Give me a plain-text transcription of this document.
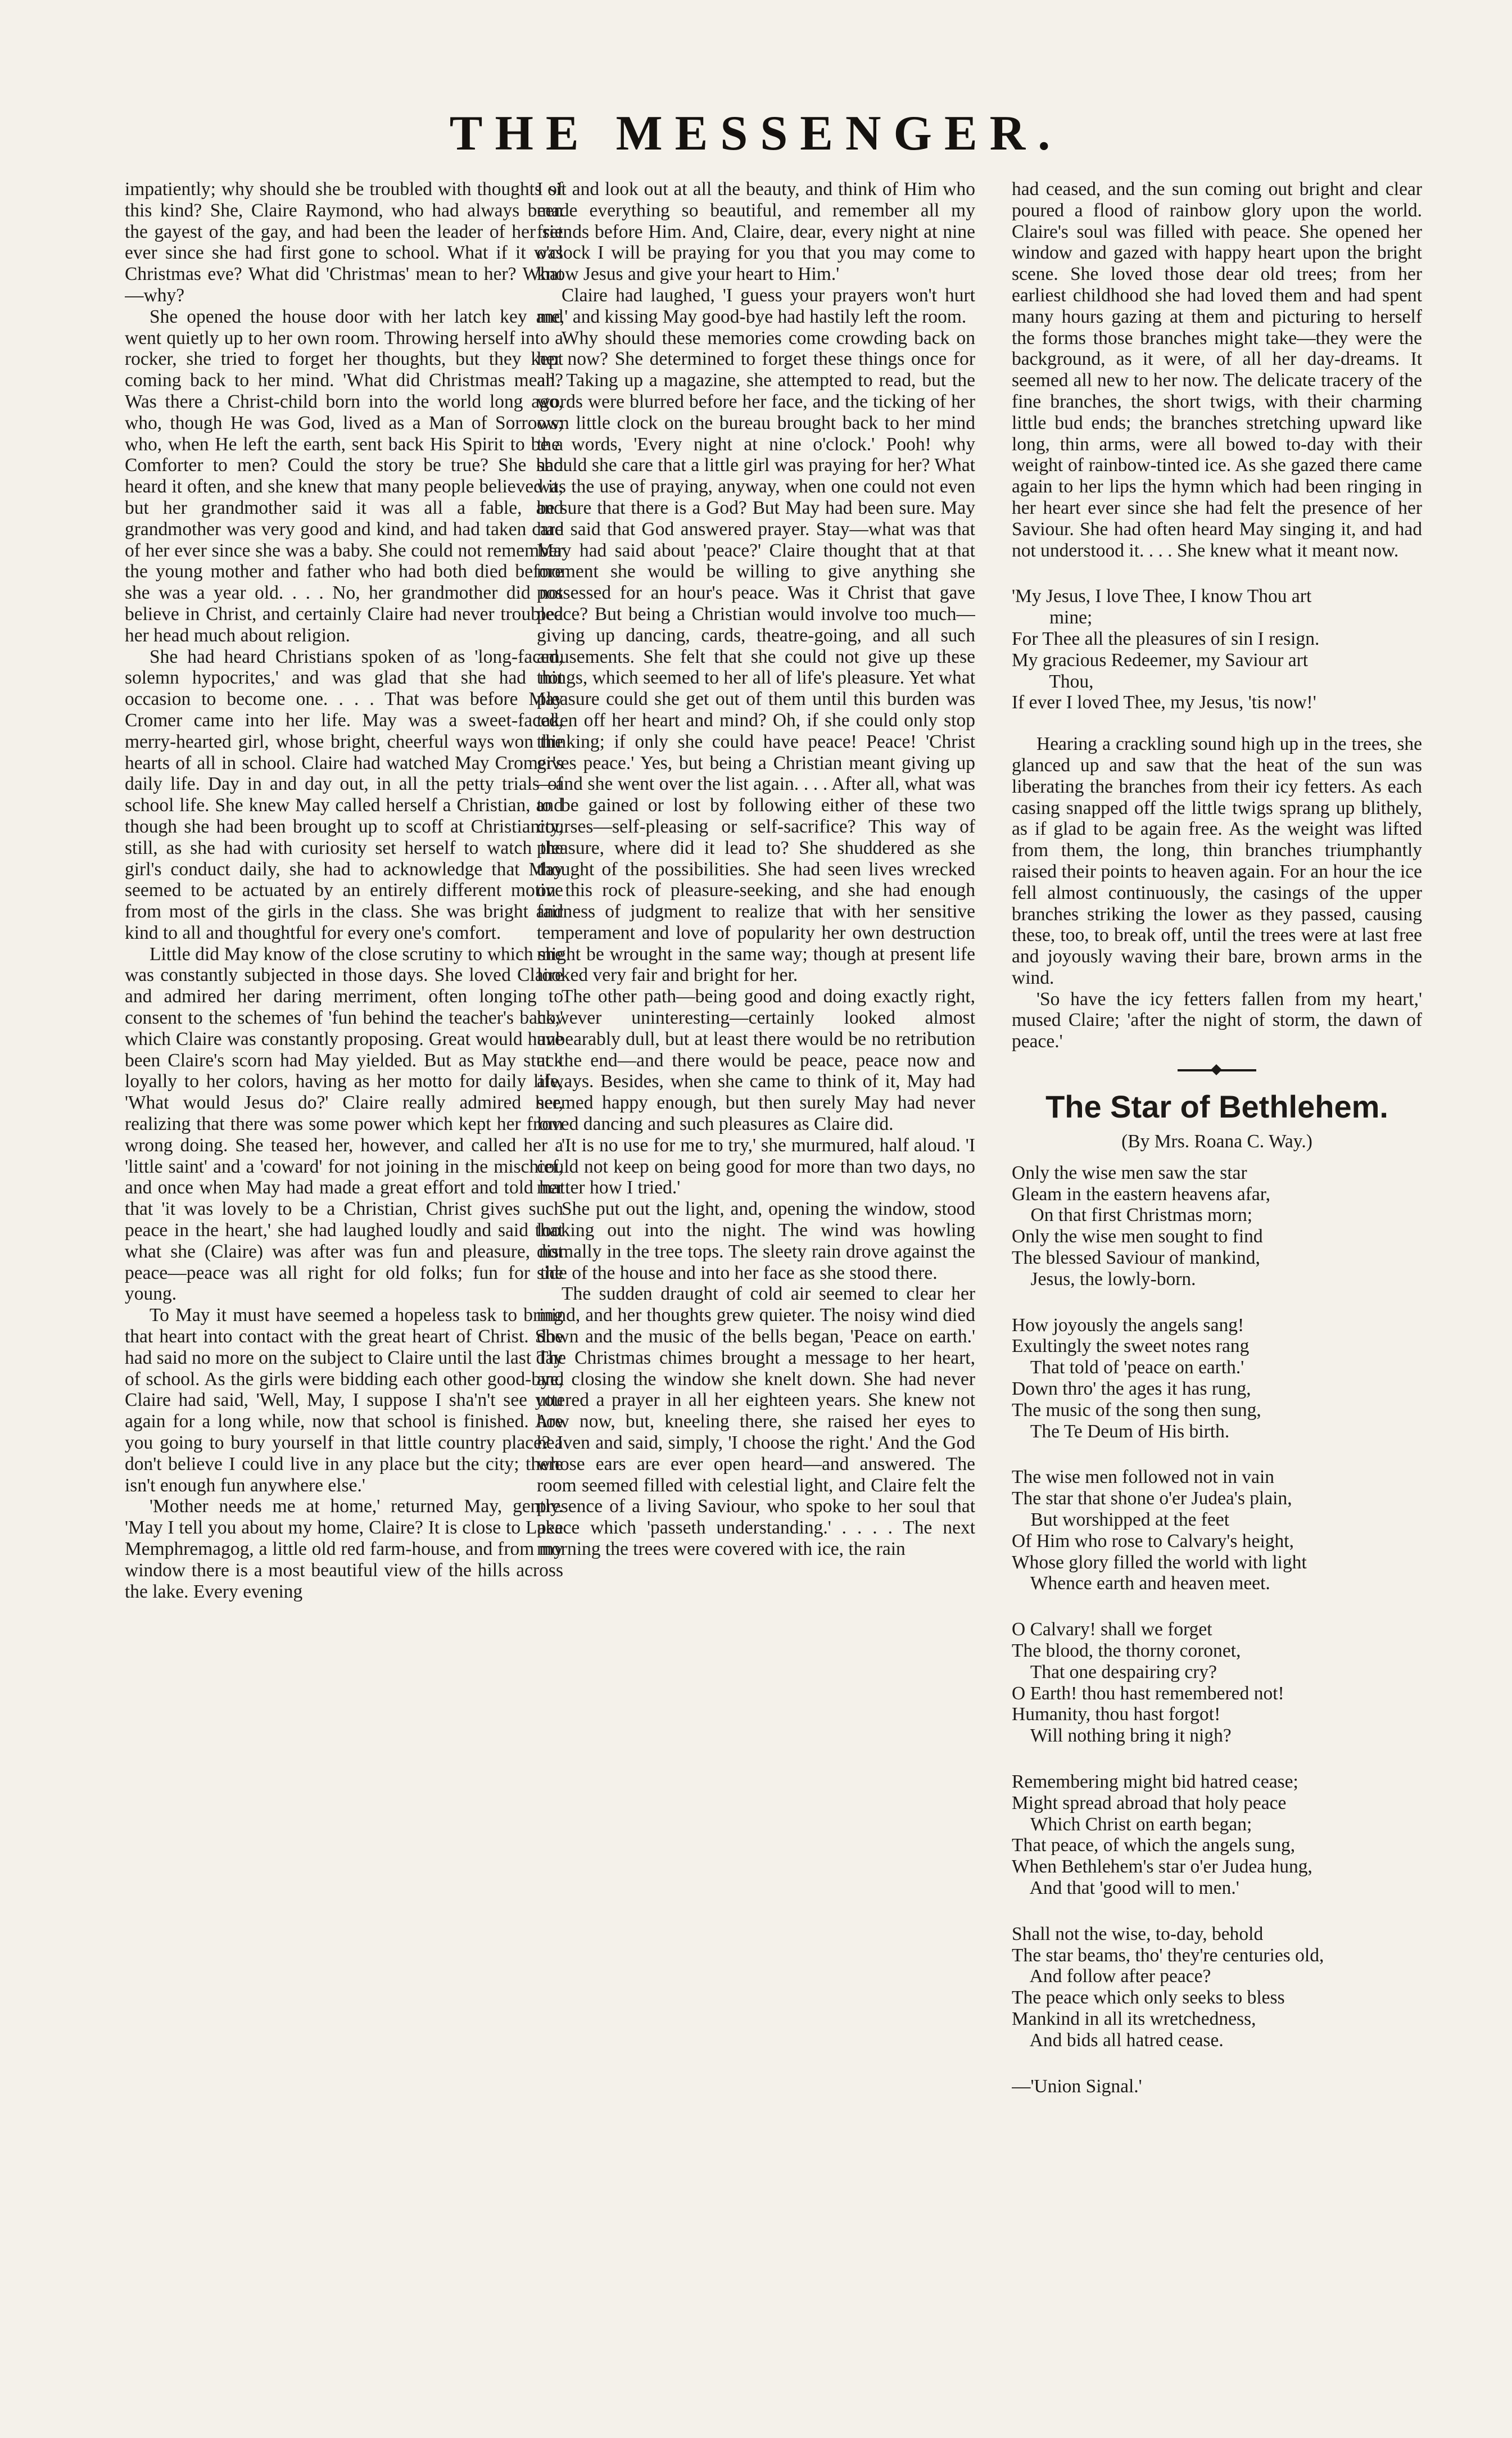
THE MESSENGER.

impatiently; why should she be troubled with thoughts of this kind? She, Claire Raymond, who had always been the gayest of the gay, and had been the leader of her set ever since she had first gone to school. What if it was Christmas eve? What did 'Christmas' mean to her? What—why?

She opened the house door with her latch key and went quietly up to her own room. Throwing herself into a rocker, she tried to forget her thoughts, but they kept coming back to her mind. 'What did Christmas mean? Was there a Christ-child born into the world long ago, who, though He was God, lived as a Man of Sorrows; who, when He left the earth, sent back His Spirit to be a Comforter to men? Could the story be true? She had heard it often, and she knew that many people believed it, but her grandmother said it was all a fable, and grandmother was very good and kind, and had taken care of her ever since she was a baby. She could not remember the young mother and father who had both died before she was a year old. . . . No, her grandmother did not believe in Christ, and certainly Claire had never troubled her head much about religion.

She had heard Christians spoken of as 'long-faced, solemn hypocrites,' and was glad that she had not occasion to become one. . . . That was before May Cromer came into her life. May was a sweet-faced, merry-hearted girl, whose bright, cheerful ways won the hearts of all in school. Claire had watched May Cromer's daily life. Day in and day out, in all the petty trials of school life. She knew May called herself a Christian, and though she had been brought up to scoff at Christianity, still, as she had with curiosity set herself to watch the girl's conduct daily, she had to acknowledge that May seemed to be actuated by an entirely different motive from most of the girls in the class. She was bright and kind to all and thoughtful for every one's comfort.

Little did May know of the close scrutiny to which she was constantly subjected in those days. She loved Claire and admired her daring merriment, often longing to consent to the schemes of 'fun behind the teacher's back,' which Claire was constantly proposing. Great would have been Claire's scorn had May yielded. But as May stuck loyally to her colors, having as her motto for daily life, 'What would Jesus do?' Claire really admired her, realizing that there was some power which kept her from wrong doing. She teased her, however, and called her a 'little saint' and a 'coward' for not joining in the mischief, and once when May had made a great effort and told her that 'it was lovely to be a Christian, Christ gives such peace in the heart,' she had laughed loudly and said that what she (Claire) was after was fun and pleasure, not peace—peace was all right for old folks; fun for the young.

To May it must have seemed a hopeless task to bring that heart into contact with the great heart of Christ. She had said no more on the subject to Claire until the last day of school. As the girls were bidding each other good-bye, Claire had said, 'Well, May, I suppose I sha'n't see you again for a long while, now that school is finished. Are you going to bury yourself in that little country place? I don't believe I could live in any place but the city; there isn't enough fun anywhere else.'

'Mother needs me at home,' returned May, gently. 'May I tell you about my home, Claire? It is close to Lake Memphremagog, a little old red farm-house, and from my window there is a most beautiful view of the hills across the lake. Every evening

I sit and look out at all the beauty, and think of Him who made everything so beautiful, and remember all my friends before Him. And, Claire, dear, every night at nine o'clock I will be praying for you that you may come to know Jesus and give your heart to Him.'

Claire had laughed, 'I guess your prayers won't hurt me,' and kissing May good-bye had hastily left the room.

Why should these memories come crowding back on her now? She determined to forget these things once for all. Taking up a magazine, she attempted to read, but the words were blurred before her face, and the ticking of her own little clock on the bureau brought back to her mind the words, 'Every night at nine o'clock.' Pooh! why should she care that a little girl was praying for her? What was the use of praying, anyway, when one could not even be sure that there is a God? But May had been sure. May had said that God answered prayer. Stay—what was that May had said about 'peace?' Claire thought that at that moment she would be willing to give anything she possessed for an hour's peace. Was it Christ that gave peace? But being a Christian would involve too much—giving up dancing, cards, theatre-going, and all such amusements. She felt that she could not give up these things, which seemed to her all of life's pleasure. Yet what pleasure could she get out of them until this burden was taken off her heart and mind? Oh, if she could only stop thinking; if only she could have peace! Peace! 'Christ gives peace.' Yes, but being a Christian meant giving up—and she went over the list again. . . . After all, what was to be gained or lost by following either of these two courses—self-pleasing or self-sacrifice? This way of pleasure, where did it lead to? She shuddered as she thought of the possibilities. She had seen lives wrecked on this rock of pleasure-seeking, and she had enough fairness of judgment to realize that with her sensitive temperament and love of popularity her own destruction might be wrought in the same way; though at present life looked very fair and bright for her.

The other path—being good and doing exactly right, however uninteresting—certainly looked almost unbearably dull, but at least there would be no retribution at the end—and there would be peace, peace now and always. Besides, when she came to think of it, May had seemed happy enough, but then surely May had never loved dancing and such pleasures as Claire did.

'It is no use for me to try,' she murmured, half aloud. 'I could not keep on being good for more than two days, no matter how I tried.'

She put out the light, and, opening the window, stood looking out into the night. The wind was howling dismally in the tree tops. The sleety rain drove against the side of the house and into her face as she stood there.

The sudden draught of cold air seemed to clear her mind, and her thoughts grew quieter. The noisy wind died down and the music of the bells began, 'Peace on earth.' The Christmas chimes brought a message to her heart, and closing the window she knelt down. She had never uttered a prayer in all her eighteen years. She knew not how now, but, kneeling there, she raised her eyes to heaven and said, simply, 'I choose the right.' And the God whose ears are ever open heard—and answered. The room seemed filled with celestial light, and Claire felt the presence of a living Saviour, who spoke to her soul that peace which 'passeth understanding.' . . . . The next morning the trees were covered with ice, the rain

had ceased, and the sun coming out bright and clear poured a flood of rainbow glory upon the world. Claire's soul was filled with peace. She opened her window and gazed with happy heart upon the bright scene. She loved those dear old trees; from her earliest childhood she had loved them and had spent many hours gazing at them and picturing to herself the forms those branches might take—they were the background, as it were, of all her day-dreams. It seemed all new to her now. The delicate tracery of the fine branches, the short twigs, with their charming little bud ends; the branches stretching upward like long, thin arms, were all bowed to-day with their weight of rainbow-tinted ice. As she gazed there came again to her lips the hymn which had been ringing in her heart ever since she had felt the presence of her Saviour. She had often heard May singing it, and had not understood it. . . . She knew what it meant now.

'My Jesus, I love Thee, I know Thou art
mine;
For Thee all the pleasures of sin I resign.
My gracious Redeemer, my Saviour art
Thou,
If ever I loved Thee, my Jesus, 'tis now!'

Hearing a crackling sound high up in the trees, she glanced up and saw that the heat of the sun was liberating the branches from their icy fetters. As each casing snapped off the little twigs sprang up blithely, as if glad to be again free. As the weight was lifted from them, the long, thin branches triumphantly raised their points to heaven again. For an hour the ice fell almost continuously, the casings of the upper branches striking the lower as they passed, causing these, too, to break off, until the trees were at last free and joyously waving their bare, brown arms in the wind.

'So have the icy fetters fallen from my heart,' mused Claire; 'after the night of storm, the dawn of peace.'

The Star of Bethlehem.
(By Mrs. Roana C. Way.)
Only the wise men saw the star
Gleam in the eastern heavens afar,
On that first Christmas morn;
Only the wise men sought to find
The blessed Saviour of mankind,
Jesus, the lowly-born.
How joyously the angels sang!
Exultingly the sweet notes rang
That told of 'peace on earth.'
Down thro' the ages it has rung,
The music of the song then sung,
The Te Deum of His birth.
The wise men followed not in vain
The star that shone o'er Judea's plain,
But worshipped at the feet
Of Him who rose to Calvary's height,
Whose glory filled the world with light
Whence earth and heaven meet.
O Calvary! shall we forget
The blood, the thorny coronet,
That one despairing cry?
O Earth! thou hast remembered not!
Humanity, thou hast forgot!
Will nothing bring it nigh?
Remembering might bid hatred cease;
Might spread abroad that holy peace
Which Christ on earth began;
That peace, of which the angels sung,
When Bethlehem's star o'er Judea hung,
And that 'good will to men.'
Shall not the wise, to-day, behold
The star beams, tho' they're centuries old,
And follow after peace?
The peace which only seeks to bless
Mankind in all its wretchedness,
And bids all hatred cease.
—'Union Signal.'
